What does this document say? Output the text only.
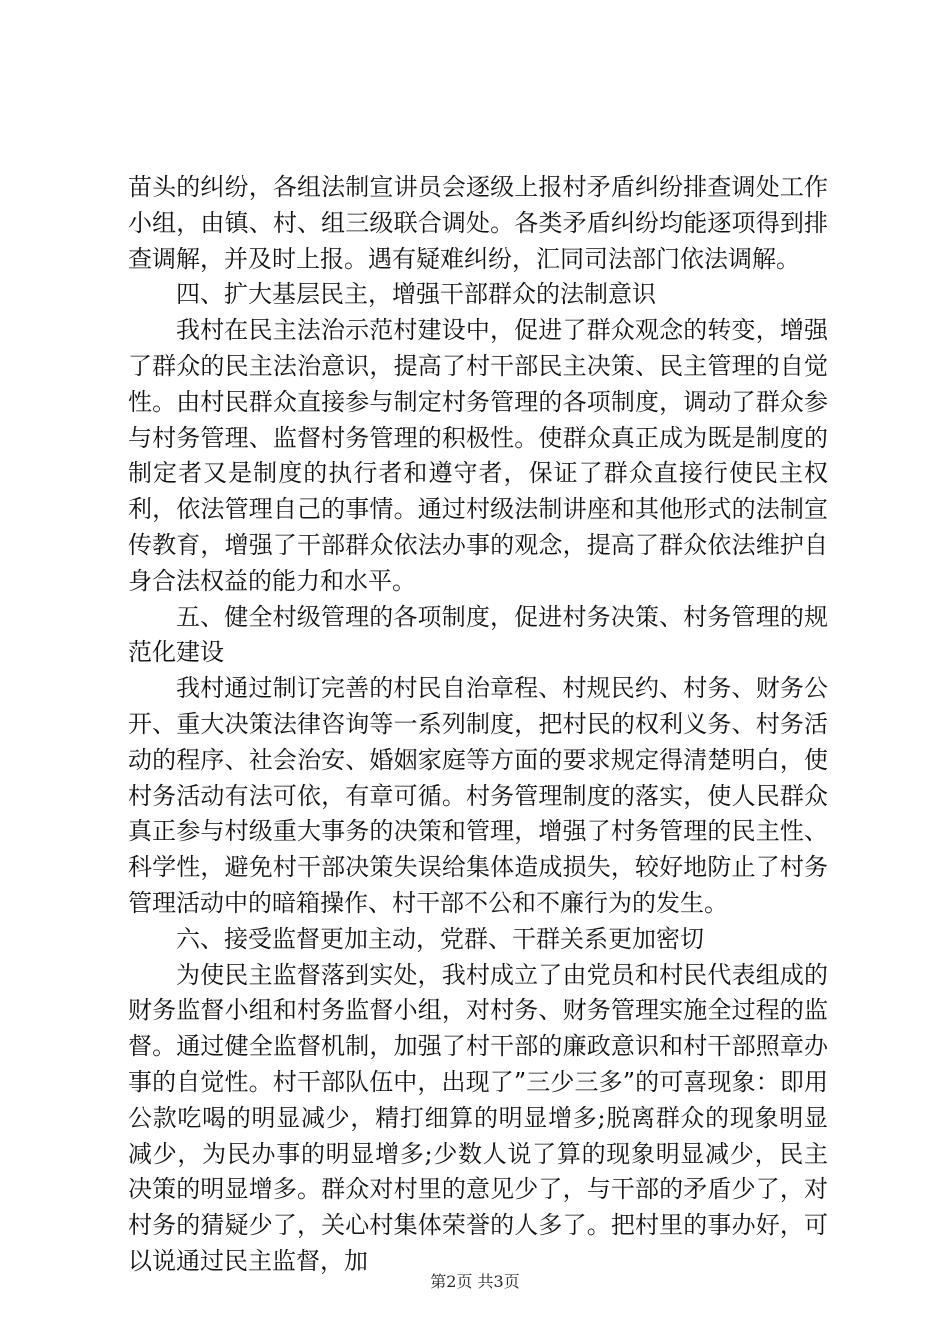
苗头的纠纷，各组法制宣讲员会逐级上报村矛盾纠纷排查调处工作小组，由镇、村、组三级联合调处。各类矛盾纠纷均能逐项得到排查调解，并及时上报。遇有疑难纠纷，汇同司法部门依法调解。

四、扩大基层民主，增强干部群众的法制意识

我村在民主法治示范村建设中，促进了群众观念的转变，增强了群众的民主法治意识，提高了村干部民主决策、民主管理的自觉性。由村民群众直接参与制定村务管理的各项制度，调动了群众参与村务管理、监督村务管理的积极性。使群众真正成为既是制度的制定者又是制度的执行者和遵守者，保证了群众直接行使民主权利，依法管理自己的事情。通过村级法制讲座和其他形式的法制宣传教育，增强了干部群众依法办事的观念，提高了群众依法维护自身合法权益的能力和水平。

五、健全村级管理的各项制度，促进村务决策、村务管理的规范化建设

我村通过制订完善的村民自治章程、村规民约、村务、财务公开、重大决策法律咨询等一系列制度，把村民的权利义务、村务活动的程序、社会治安、婚姻家庭等方面的要求规定得清楚明白，使村务活动有法可依，有章可循。村务管理制度的落实，使人民群众真正参与村级重大事务的决策和管理，增强了村务管理的民主性、科学性，避免村干部决策失误给集体造成损失，较好地防止了村务管理活动中的暗箱操作、村干部不公和不廉行为的发生。

六、接受监督更加主动，党群、干群关系更加密切

为使民主监督落到实处，我村成立了由党员和村民代表组成的财务监督小组和村务监督小组，对村务、财务管理实施全过程的监督。通过健全监督机制，加强了村干部的廉政意识和村干部照章办事的自觉性。村干部队伍中，出现了”三少三多”的可喜现象：即用公款吃喝的明显减少，精打细算的明显增多;脱离群众的现象明显减少，为民办事的明显增多;少数人说了算的现象明显减少，民主决策的明显增多。群众对村里的意见少了，与干部的矛盾少了，对村务的猜疑少了，关心村集体荣誉的人多了。把村里的事办好，可以说通过民主监督，加

第2页 共3页
